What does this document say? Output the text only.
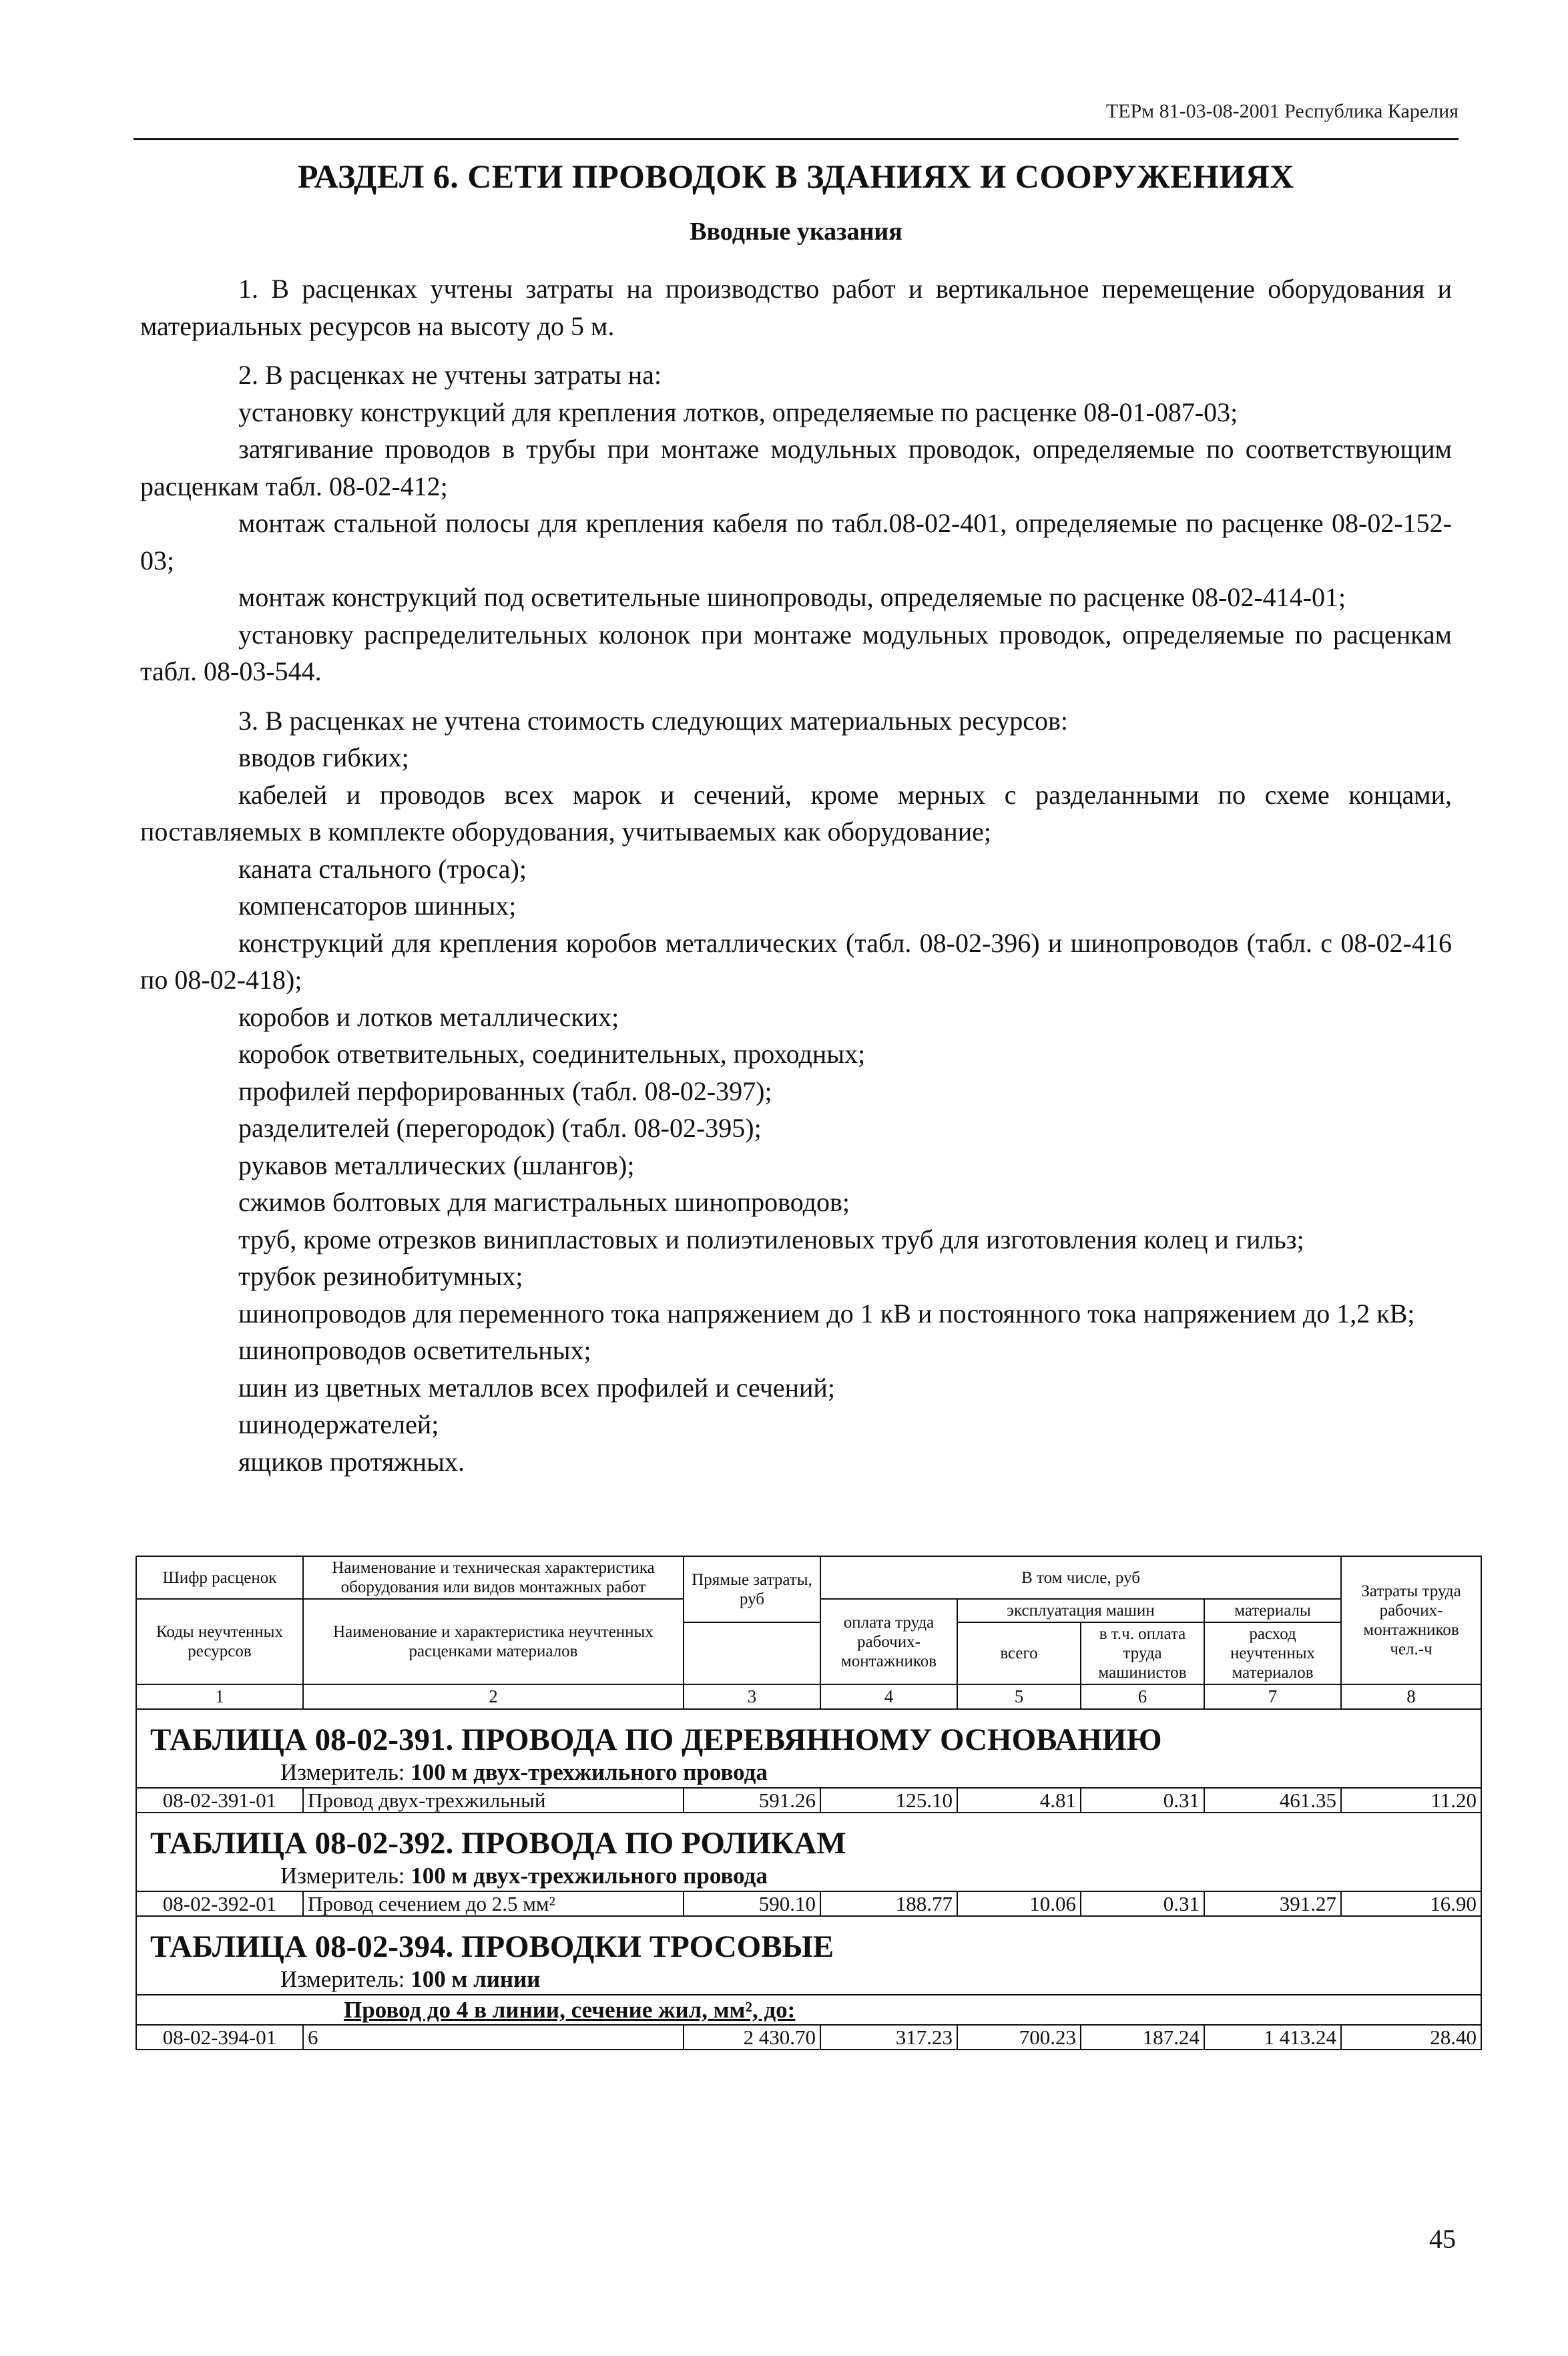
ТЕРм 81-03-08-2001 Республика Карелия
РАЗДЕЛ 6. СЕТИ ПРОВОДОК В ЗДАНИЯХ И СООРУЖЕНИЯХ
Вводные указания

1. В расценках учтены затраты на производство работ и вертикальное перемещение оборудования и материальных ресурсов на высоту до 5 м.

2. В расценках не учтены затраты на:

установку конструкций для крепления лотков, определяемые по расценке 08-01-087-03;

затягивание проводов в трубы при монтаже модульных проводок, определяемые по соответствующим расценкам табл. 08-02-412;

монтаж стальной полосы для крепления кабеля по табл.08-02-401, определяемые по расценке 08-02-152-03;

монтаж конструкций под осветительные шинопроводы, определяемые по расценке 08-02-414-01;

установку распределительных колонок при монтаже модульных проводок, определяемые по расценкам табл. 08-03-544.

3. В расценках не учтена стоимость следующих материальных ресурсов:

вводов гибких;

кабелей и проводов всех марок и сечений, кроме мерных с разделанными по схеме концами, поставляемых в комплекте оборудования, учитываемых как оборудование;

каната стального (троса);

компенсаторов шинных;

конструкций для крепления коробов металлических (табл. 08-02-396) и шинопроводов (табл. с 08-02-416 по 08-02-418);

коробов и лотков металлических;

коробок ответвительных, соединительных, проходных;

профилей перфорированных (табл. 08-02-397);

разделителей (перегородок) (табл. 08-02-395);

рукавов металлических (шлангов);

сжимов болтовых для магистральных шинопроводов;

труб, кроме отрезков винипластовых и полиэтиленовых труб для изготовления колец и гильз;

трубок резинобитумных;

шинопроводов для переменного тока напряжением до 1 кВ и постоянного тока напряжением до 1,2 кВ;

шинопроводов осветительных;

шин из цветных металлов всех профилей и сечений;

шинодержателей;

ящиков протяжных.

Шифр расценок	Наименование и техническая характеристика оборудования или видов монтажных работ	Прямые затраты, руб	В том числе, руб				Затраты труда рабочих-монтажников чел.-ч
Коды неучтенных ресурсов	Наименование и характеристика неучтенных расценками материалов		оплата труда рабочих-монтажников	эксплуатация машин		материалы	
				всего	в т.ч. оплата труда машинистов	расход неучтенных материалов	

1	2	3	4	5	6	7	8
ТАБЛИЦА 08-02-391. ПРОВОДА ПО ДЕРЕВЯННОМУ ОСНОВАНИЮ							
Измеритель: 100 м двух-трехжильного провода							
08-02-391-01	Провод двух-трехжильный	591.26	125.10	4.81	0.31	461.35	11.20
ТАБЛИЦА 08-02-392. ПРОВОДА ПО РОЛИКАМ							
Измеритель: 100 м двух-трехжильного провода							
08-02-392-01	Провод сечением до 2.5 мм²	590.10	188.77	10.06	0.31	391.27	16.90
ТАБЛИЦА 08-02-394. ПРОВОДКИ ТРОСОВЫЕ							
Измеритель: 100 м линии							
Провод до 4 в линии, сечение жил, мм², до:							
08-02-394-01	6	2 430.70	317.23	700.23	187.24	1 413.24	28.40
45
